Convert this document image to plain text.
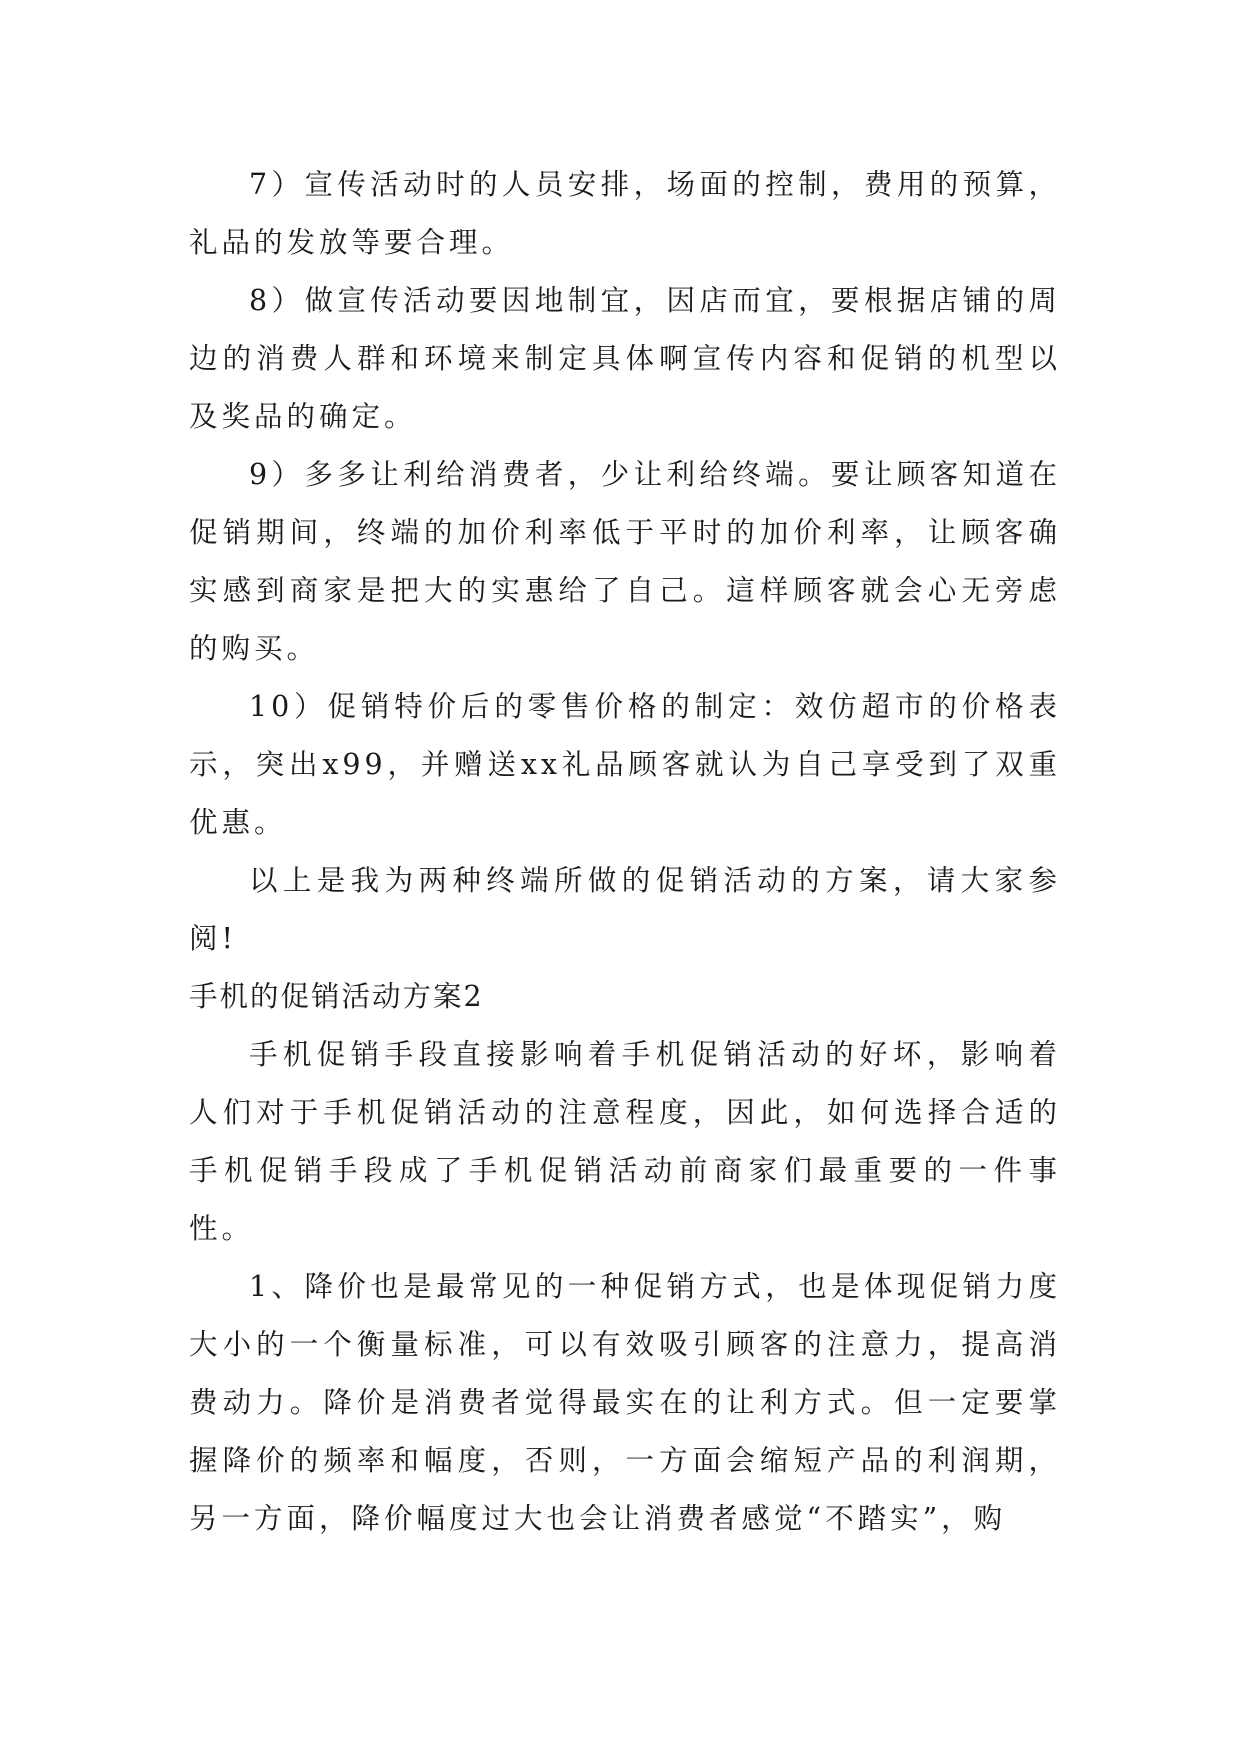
7）宣传活动时的人员安排，场面的控制，费用的预算，礼品的发放等要合理。

8）做宣传活动要因地制宜，因店而宜，要根据店铺的周边的消费人群和环境来制定具体啊宣传内容和促销的机型以及奖品的确定。

9）多多让利给消费者，少让利给终端。要让顾客知道在促销期间，终端的加价利率低于平时的加价利率，让顾客确实感到商家是把大的实惠给了自己。這样顾客就会心无旁虑的购买。

10）促销特价后的零售价格的制定：效仿超市的价格表示，突出x99，并赠送xx礼品顾客就认为自己享受到了双重优惠。

以上是我为两种终端所做的促销活动的方案，请大家参阅!

手机的促销活动方案2

手机促销手段直接影响着手机促销活动的好坏，影响着人们对于手机促销活动的注意程度，因此，如何选择合适的手机促销手段成了手机促销活动前商家们最重要的一件事性。

1、降价也是最常见的一种促销方式，也是体现促销力度大小的一个衡量标准，可以有效吸引顾客的注意力，提高消费动力。降价是消费者觉得最实在的让利方式。但一定要掌握降价的频率和幅度，否则，一方面会缩短产品的利润期，另一方面，降价幅度过大也会让消费者感觉“不踏实”，购
